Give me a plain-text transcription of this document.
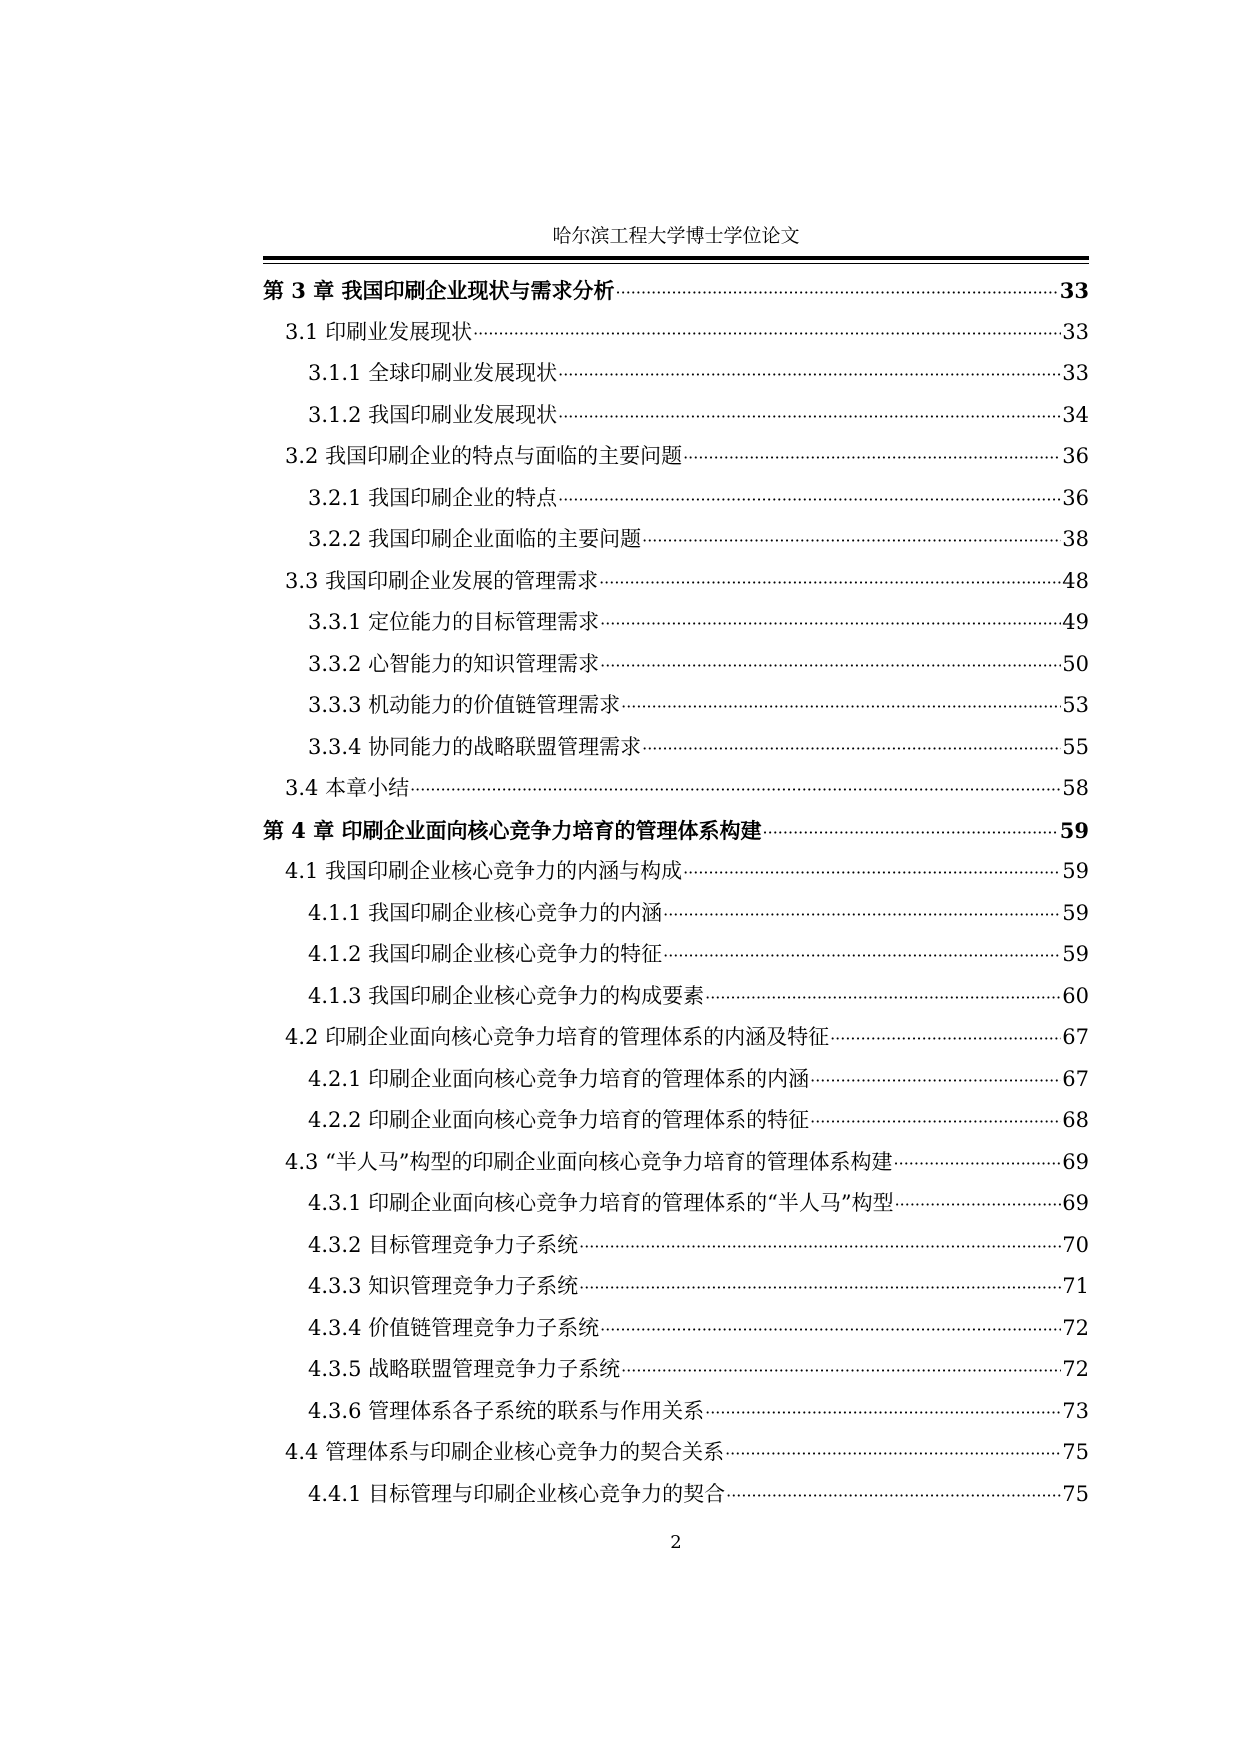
哈尔滨工程大学博士学位论文
第 3 章 我国印刷企业现状与需求分析 ·····	33
3.1 印刷业发展现状 ·····	33
3.1.1 全球印刷业发展现状 ·····	33
3.1.2 我国印刷业发展现状 ·····	34
3.2 我国印刷企业的特点与面临的主要问题 ·····	36
3.2.1 我国印刷企业的特点 ·····	36
3.2.2 我国印刷企业面临的主要问题 ·····	38
3.3 我国印刷企业发展的管理需求 ·····	48
3.3.1 定位能力的目标管理需求 ·····	49
3.3.2 心智能力的知识管理需求 ·····	50
3.3.3 机动能力的价值链管理需求 ·····	53
3.3.4 协同能力的战略联盟管理需求 ·····	55
3.4 本章小结 ·····	58
第 4 章 印刷企业面向核心竞争力培育的管理体系构建 ·····	59
4.1 我国印刷企业核心竞争力的内涵与构成 ·····	59
4.1.1 我国印刷企业核心竞争力的内涵 ·····	59
4.1.2 我国印刷企业核心竞争力的特征 ·····	59
4.1.3 我国印刷企业核心竞争力的构成要素 ·····	60
4.2 印刷企业面向核心竞争力培育的管理体系的内涵及特征 ·····	67
4.2.1 印刷企业面向核心竞争力培育的管理体系的内涵 ·····	67
4.2.2 印刷企业面向核心竞争力培育的管理体系的特征 ·····	68
4.3 “半人马”构型的印刷企业面向核心竞争力培育的管理体系构建 ·····	69
4.3.1 印刷企业面向核心竞争力培育的管理体系的“半人马”构型 ·····	69
4.3.2 目标管理竞争力子系统 ·····	70
4.3.3 知识管理竞争力子系统 ·····	71
4.3.4 价值链管理竞争力子系统 ·····	72
4.3.5 战略联盟管理竞争力子系统 ·····	72
4.3.6 管理体系各子系统的联系与作用关系 ·····	73
4.4 管理体系与印刷企业核心竞争力的契合关系 ·····	75
4.4.1 目标管理与印刷企业核心竞争力的契合 ·····	75
2
